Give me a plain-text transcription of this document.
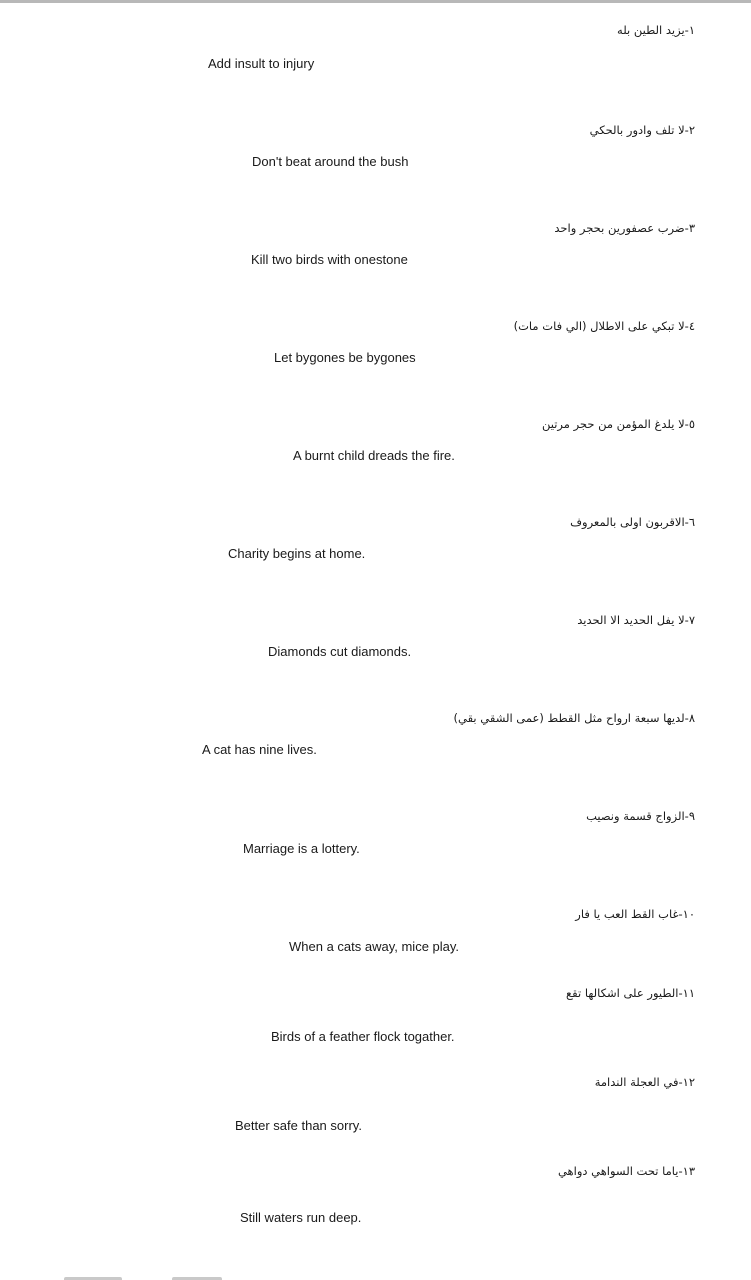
١-يزيد الطين بله
Add insult to injury
٢-لا تلف وادور بالحكي
Don't beat around the bush
٣-ضرب عصفورين بحجر واحد
Kill two birds with onestone
٤-لا تبكي على الاطلال (الي فات مات)
Let bygones be bygones
٥-لا يلدغ المؤمن من حجر مرتين
A burnt child dreads the fire.
٦-الاقربون اولى بالمعروف
Charity begins at home.
٧-لا يفل الحديد الا الحديد
Diamonds cut diamonds.
٨-لديها سبعة ارواح مثل القطط (عمى الشقي بقي)
A cat has nine lives.
٩-الزواج قسمة ونصيب
Marriage is a lottery.
١٠-غاب القط العب يا فار
When a cats away, mice play.
١١-الطيور على اشكالها تقع
Birds of a feather flock togather.
١٢-في العجلة الندامة
Better safe than sorry.
١٣-ياما تحت السواهي دواهي
Still waters run deep.
